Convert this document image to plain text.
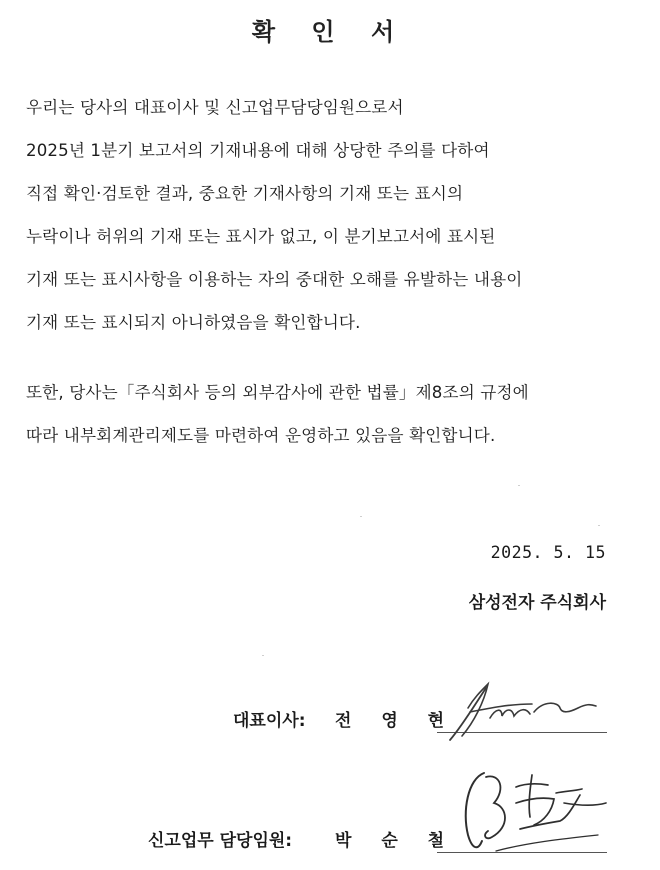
확 인 서

우리는 당사의 대표이사 및 신고업무담당임원으로서

2025년 1분기 보고서의 기재내용에 대해 상당한 주의를 다하여

직접 확인·검토한 결과, 중요한 기재사항의 기재 또는 표시의

누락이나 허위의 기재 또는 표시가 없고, 이 분기보고서에 표시된

기재 또는 표시사항을 이용하는 자의 중대한 오해를 유발하는 내용이

기재 또는 표시되지 아니하였음을 확인합니다.

또한, 당사는「주식회사 등의 외부감사에 관한 법률」제8조의 규정에

따라 내부회계관리제도를 마련하여 운영하고 있음을 확인합니다.

2025. 5. 15
삼성전자 주식회사
대표이사: 전 영 현
신고업무 담당임원:	박 순 철
